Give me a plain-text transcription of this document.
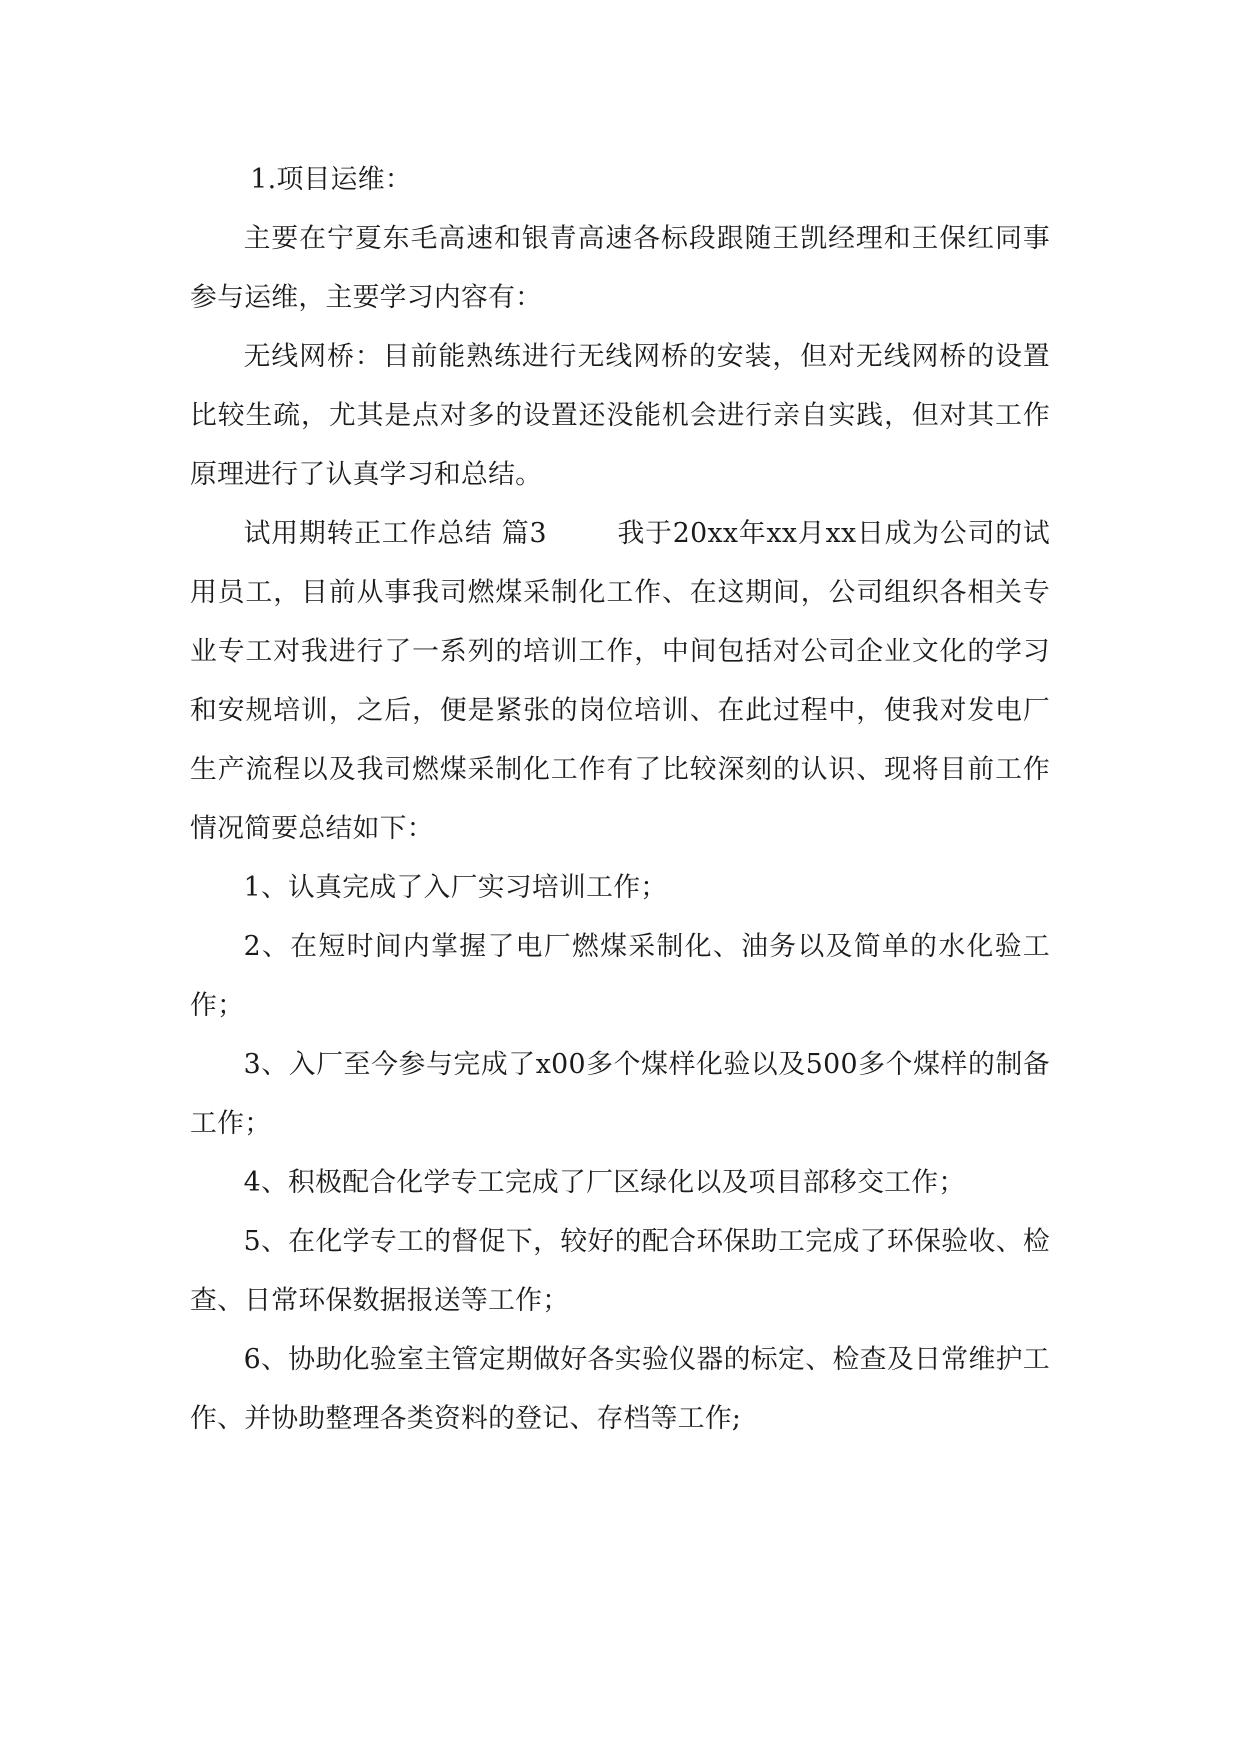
1.项目运维：

主要在宁夏东毛高速和银青高速各标段跟随王凯经理和王保红同事参与运维，主要学习内容有：

无线网桥：目前能熟练进行无线网桥的安装，但对无线网桥的设置比较生疏，尤其是点对多的设置还没能机会进行亲自实践，但对其工作原理进行了认真学习和总结。

试用期转正工作总结 篇3	我于20xx年xx月xx日成为公司的试用员工，目前从事我司燃煤采制化工作、在这期间，公司组织各相关专业专工对我进行了一系列的培训工作，中间包括对公司企业文化的学习和安规培训，之后，便是紧张的岗位培训、在此过程中，使我对发电厂生产流程以及我司燃煤采制化工作有了比较深刻的认识、现将目前工作情况简要总结如下：

1、认真完成了入厂实习培训工作；

2、在短时间内掌握了电厂燃煤采制化、油务以及简单的水化验工作；

3、入厂至今参与完成了x00多个煤样化验以及500多个煤样的制备工作；

4、积极配合化学专工完成了厂区绿化以及项目部移交工作；

5、在化学专工的督促下，较好的配合环保助工完成了环保验收、检查、日常环保数据报送等工作；

6、协助化验室主管定期做好各实验仪器的标定、检查及日常维护工作、并协助整理各类资料的登记、存档等工作;
